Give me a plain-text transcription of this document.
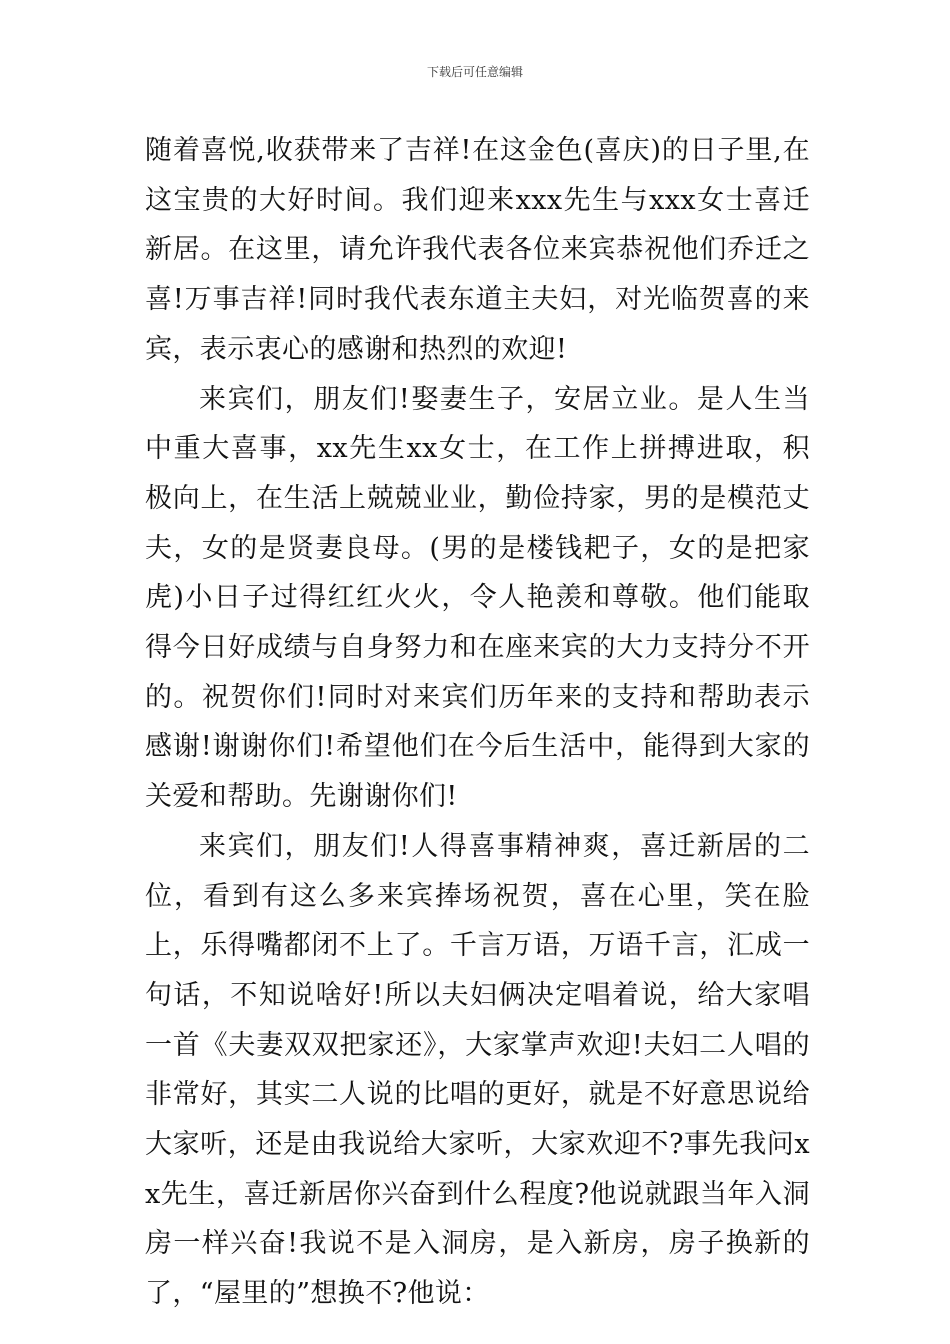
下载后可任意编辑

随着喜悦,收获带来了吉祥!在这金色(喜庆)的日子里,在这宝贵的大好时间。我们迎来xxx先生与xxx女士喜迁新居。在这里，请允许我代表各位来宾恭祝他们乔迁之喜!万事吉祥!同时我代表东道主夫妇，对光临贺喜的来宾，表示衷心的感谢和热烈的欢迎!

来宾们，朋友们!娶妻生子，安居立业。是人生当中重大喜事，xx先生xx女士，在工作上拼搏进取，积极向上，在生活上兢兢业业，勤俭持家，男的是模范丈夫，女的是贤妻良母。(男的是楼钱耙子，女的是把家虎)小日子过得红红火火，令人艳羡和尊敬。他们能取得今日好成绩与自身努力和在座来宾的大力支持分不开的。祝贺你们!同时对来宾们历年来的支持和帮助表示感谢!谢谢你们!希望他们在今后生活中，能得到大家的关爱和帮助。先谢谢你们!

来宾们，朋友们!人得喜事精神爽，喜迁新居的二位，看到有这么多来宾捧场祝贺，喜在心里，笑在脸上，乐得嘴都闭不上了。千言万语，万语千言，汇成一句话，不知说啥好!所以夫妇俩决定唱着说，给大家唱一首《夫妻双双把家还》，大家掌声欢迎!夫妇二人唱的非常好，其实二人说的比唱的更好，就是不好意思说给大家听，还是由我说给大家听，大家欢迎不?事先我问xx先生，喜迁新居你兴奋到什么程度?他说就跟当年入洞房一样兴奋!我说不是入洞房，是入新房，房子换新的了，“屋里的”想换不?他说：
